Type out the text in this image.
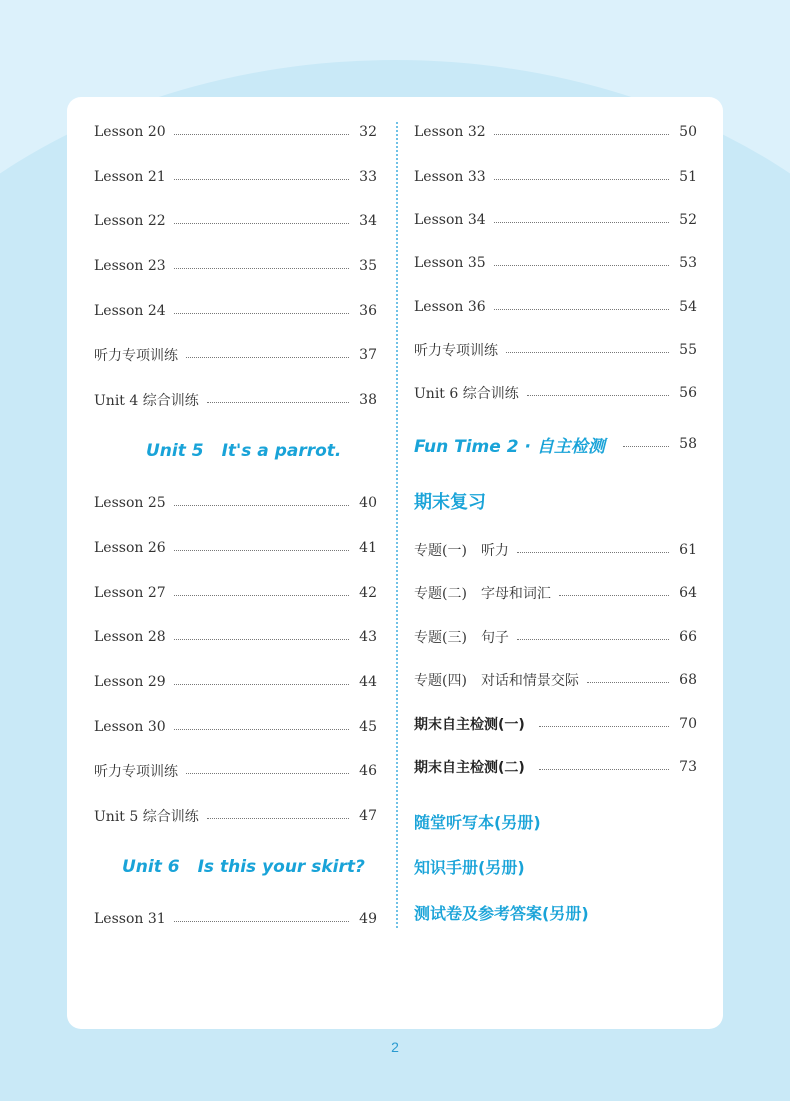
Lesson 20	32
Lesson 21	33
Lesson 22	34
Lesson 23	35
Lesson 24	36
听力专项训练	37
Unit 4 综合训练	38
Unit 5 It's a parrot.
Lesson 25	40
Lesson 26	41
Lesson 27	42
Lesson 28	43
Lesson 29	44
Lesson 30	45
听力专项训练	46
Unit 5 综合训练	47
Unit 6 Is this your skirt?
Lesson 31	49
Lesson 32	50
Lesson 33	51
Lesson 34	52
Lesson 35	53
Lesson 36	54
听力专项训练	55
Unit 6 综合训练	56
Fun Time 2 · 自主检测	58
期末复习
专题(一) 听力	61
专题(二) 字母和词汇	64
专题(三) 句子	66
专题(四) 对话和情景交际	68
期末自主检测(一)	70
期末自主检测(二)	73
随堂听写本(另册)
知识手册(另册)
测试卷及参考答案(另册)
2
